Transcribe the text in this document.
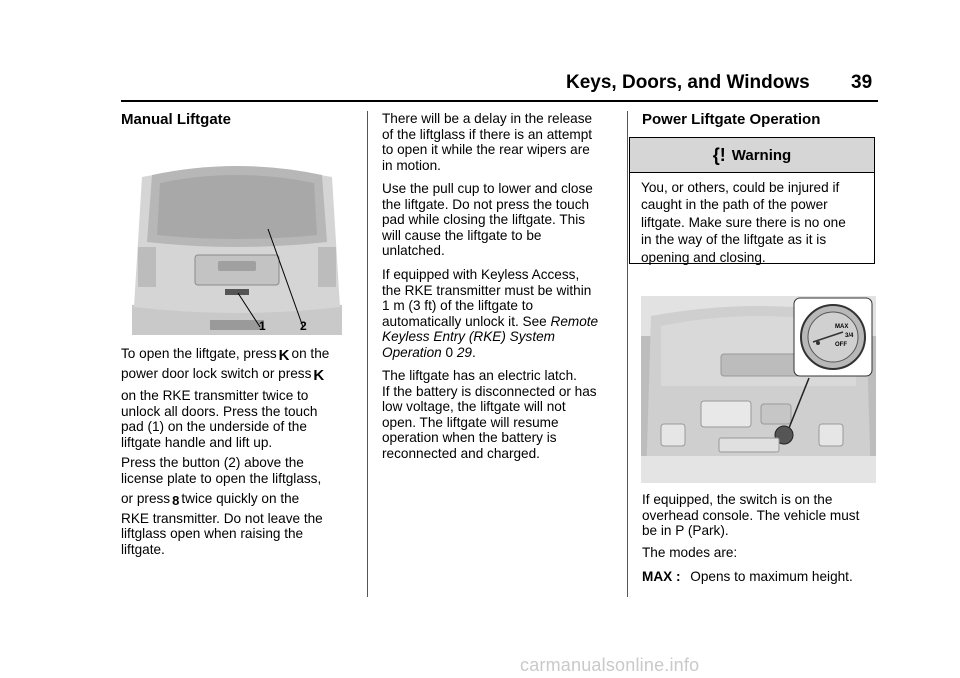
Keys, Doors, and Windows 39
Manual Liftgate
1	2

To open the liftgate, press K on the

power door lock switch or press K

on the RKE transmitter twice to

unlock all doors. Press the touch

pad (1) on the underside of the

liftgate handle and lift up.

Press the button (2) above the

license plate to open the liftglass,

or press 8 twice quickly on the

RKE transmitter. Do not leave the

liftglass open when raising the

liftgate.

There will be a delay in the release

of the liftglass if there is an attempt

to open it while the rear wipers are

in motion.

Use the pull cup to lower and close

the liftgate. Do not press the touch

pad while closing the liftgate. This

will cause the liftgate to be

unlatched.

If equipped with Keyless Access,

the RKE transmitter must be within

1 m (3 ft) of the liftgate to

automatically unlock it. See Remote

Keyless Entry (RKE) System

Operation 0 29.

The liftgate has an electric latch.

If the battery is disconnected or has

low voltage, the liftgate will not

open. The liftgate will resume

operation when the battery is

reconnected and charged.

Power Liftgate Operation
{! Warning
You, or others, could be injured if
caught in the path of the power
liftgate. Make sure there is no one
in the way of the liftgate as it is
opening and closing.
MAX
3/4
OFF

If equipped, the switch is on the

overhead console. The vehicle must

be in P (Park).

The modes are:

MAX : Opens to maximum height.
carmanualsonline.info
